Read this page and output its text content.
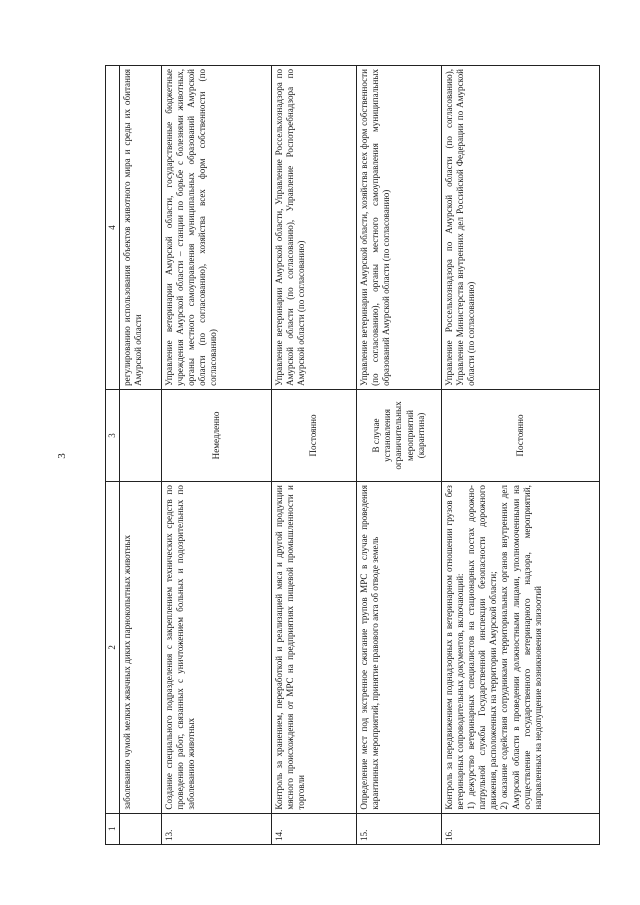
3
1	2	3	4
	заболеванию чумой мелких жвачных диких парнокопытных животных		регулированию использования объектов животного мира и среды их обитания Амурской области
13.	Создание специального подразделения с закреплением технических средств по проведению работ, связанных с уничтожением больных и подозрительных по заболеванию животных	Немедленно	Управление ветеринарии Амурской области, государственные бюджетные учреждения Амурской области – станции по борьбе с болезнями животных, органы местного самоуправления муниципальных образований Амурской области (по согласованию), хозяйства всех форм собственности (по согласованию)
14.	Контроль за хранением, переработкой и реализацией мяса и другой продукции мясного происхождения от МРС на предприятиях пищевой промышленности и торговли	Постоянно	Управление ветеринарии Амурской области, Управление Россельхознадзора по Амурской области (по согласованию), Управление Роспотребнадзора по Амурской области (по согласованию)
15.	Определение мест под экстренное сжигание трупов МРС в случае проведения карантинных мероприятий, принятие правового акта об отводе земель	В случае установления ограничительных мероприятий (карантина)	Управление ветеринарии Амурской области, хозяйства всех форм собственности (по согласованию), органы местного самоуправления муниципальных образований Амурской области (по согласованию)
16.	Контроль за передвижением поднадзорных в ветеринарном отношении грузов без ветеринарных сопроводительных документов, включающий: 1) дежурство ветеринарных специалистов на стационарных постах дорожно-патрульной службы Государственной инспекции безопасности дорожного движения, расположенных на территории Амурской области; 2) оказание содействия сотрудниками территориальных органов внутренних дел Амурской области в проведении должностными лицами, уполномоченными на осуществление государственного ветеринарного надзора, мероприятий, направленных на недопущение возникновения эпизоотий	Постоянно	Управление Россельхознадзора по Амурской области (по согласованию), Управление Министерства внутренних дел Российской Федерации по Амурской области (по согласованию)
